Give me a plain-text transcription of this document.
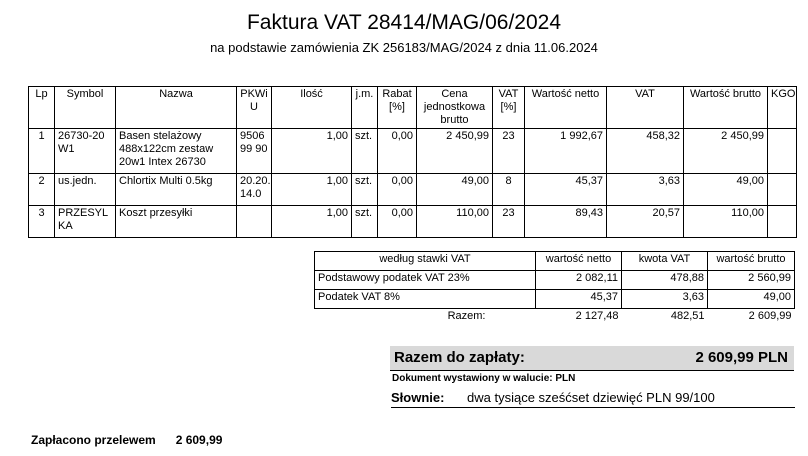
Faktura VAT 28414/MAG/06/2024
na podstawie zamówienia ZK 256183/MAG/2024 z dnia 11.06.2024
Lp	Symbol	Nazwa	PKWi U	Ilość	j.m.	Rabat [%]	Cena jednostkowa brutto	VAT [%]	Wartość netto	VAT	Wartość brutto	KGO
1	26730-20 W1	Basen stelażowy 488x122cm zestaw 20w1 Intex 26730	9506 99 90	1,00	szt.	0,00	2 450,99	23	1 992,67	458,32	2 450,99	
2	us.jedn.	Chlortix Multi 0.5kg	20.20. 14.0	1,00	szt.	0,00	49,00	8	45,37	3,63	49,00	
3	PRZESYL KA	Koszt przesyłki		1,00	szt.	0,00	110,00	23	89,43	20,57	110,00	
według stawki VAT	wartość netto	kwota VAT	wartość brutto
Podstawowy podatek VAT 23%	2 082,11	478,88	2 560,99
Podatek VAT 8%	45,37	3,63	49,00
Razem:	2 127,48	482,51	2 609,99
Razem do zapłaty:	2 609,99 PLN
Dokument wystawiony w walucie: PLN
Słownie: dwa tysiące sześćset dziewięć PLN 99/100
Zapłacono przelewem 2 609,99
